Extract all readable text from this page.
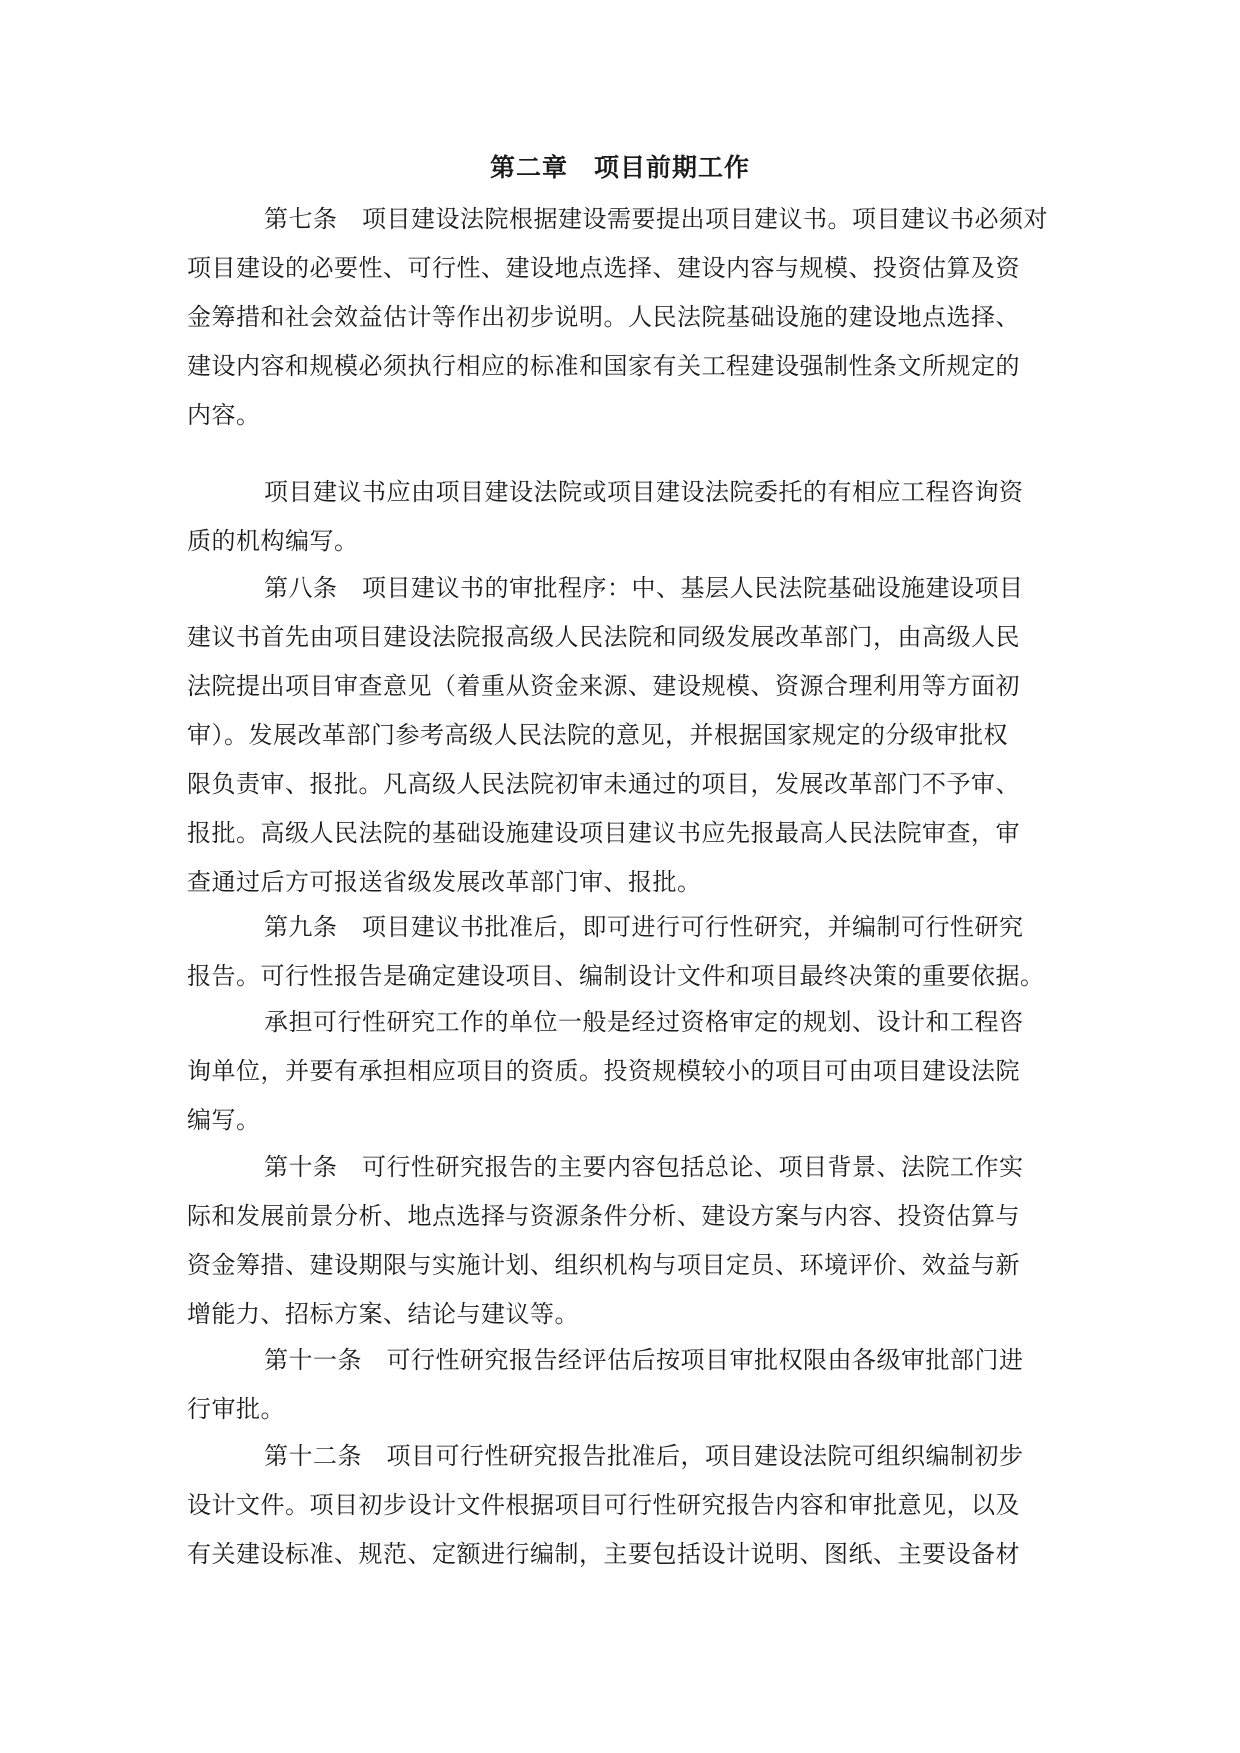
第二章　项目前期工作
第七条　项目建设法院根据建设需要提出项目建议书。项目建议书必须对
项目建设的必要性、可行性、建设地点选择、建设内容与规模、投资估算及资
金筹措和社会效益估计等作出初步说明。人民法院基础设施的建设地点选择、
建设内容和规模必须执行相应的标准和国家有关工程建设强制性条文所规定的
内容。
项目建议书应由项目建设法院或项目建设法院委托的有相应工程咨询资
质的机构编写。
第八条　项目建议书的审批程序：中、基层人民法院基础设施建设项目
建议书首先由项目建设法院报高级人民法院和同级发展改革部门，由高级人民
法院提出项目审查意见（着重从资金来源、建设规模、资源合理利用等方面初
审）。发展改革部门参考高级人民法院的意见，并根据国家规定的分级审批权
限负责审、报批。凡高级人民法院初审未通过的项目，发展改革部门不予审、
报批。高级人民法院的基础设施建设项目建议书应先报最高人民法院审查，审
查通过后方可报送省级发展改革部门审、报批。
第九条　项目建议书批准后，即可进行可行性研究，并编制可行性研究
报告。可行性报告是确定建设项目、编制设计文件和项目最终决策的重要依据。
承担可行性研究工作的单位一般是经过资格审定的规划、设计和工程咨
询单位，并要有承担相应项目的资质。投资规模较小的项目可由项目建设法院
编写。
第十条　可行性研究报告的主要内容包括总论、项目背景、法院工作实
际和发展前景分析、地点选择与资源条件分析、建设方案与内容、投资估算与
资金筹措、建设期限与实施计划、组织机构与项目定员、环境评价、效益与新
增能力、招标方案、结论与建议等。
第十一条　可行性研究报告经评估后按项目审批权限由各级审批部门进
行审批。
第十二条　项目可行性研究报告批准后，项目建设法院可组织编制初步
设计文件。项目初步设计文件根据项目可行性研究报告内容和审批意见，以及
有关建设标准、规范、定额进行编制，主要包括设计说明、图纸、主要设备材
